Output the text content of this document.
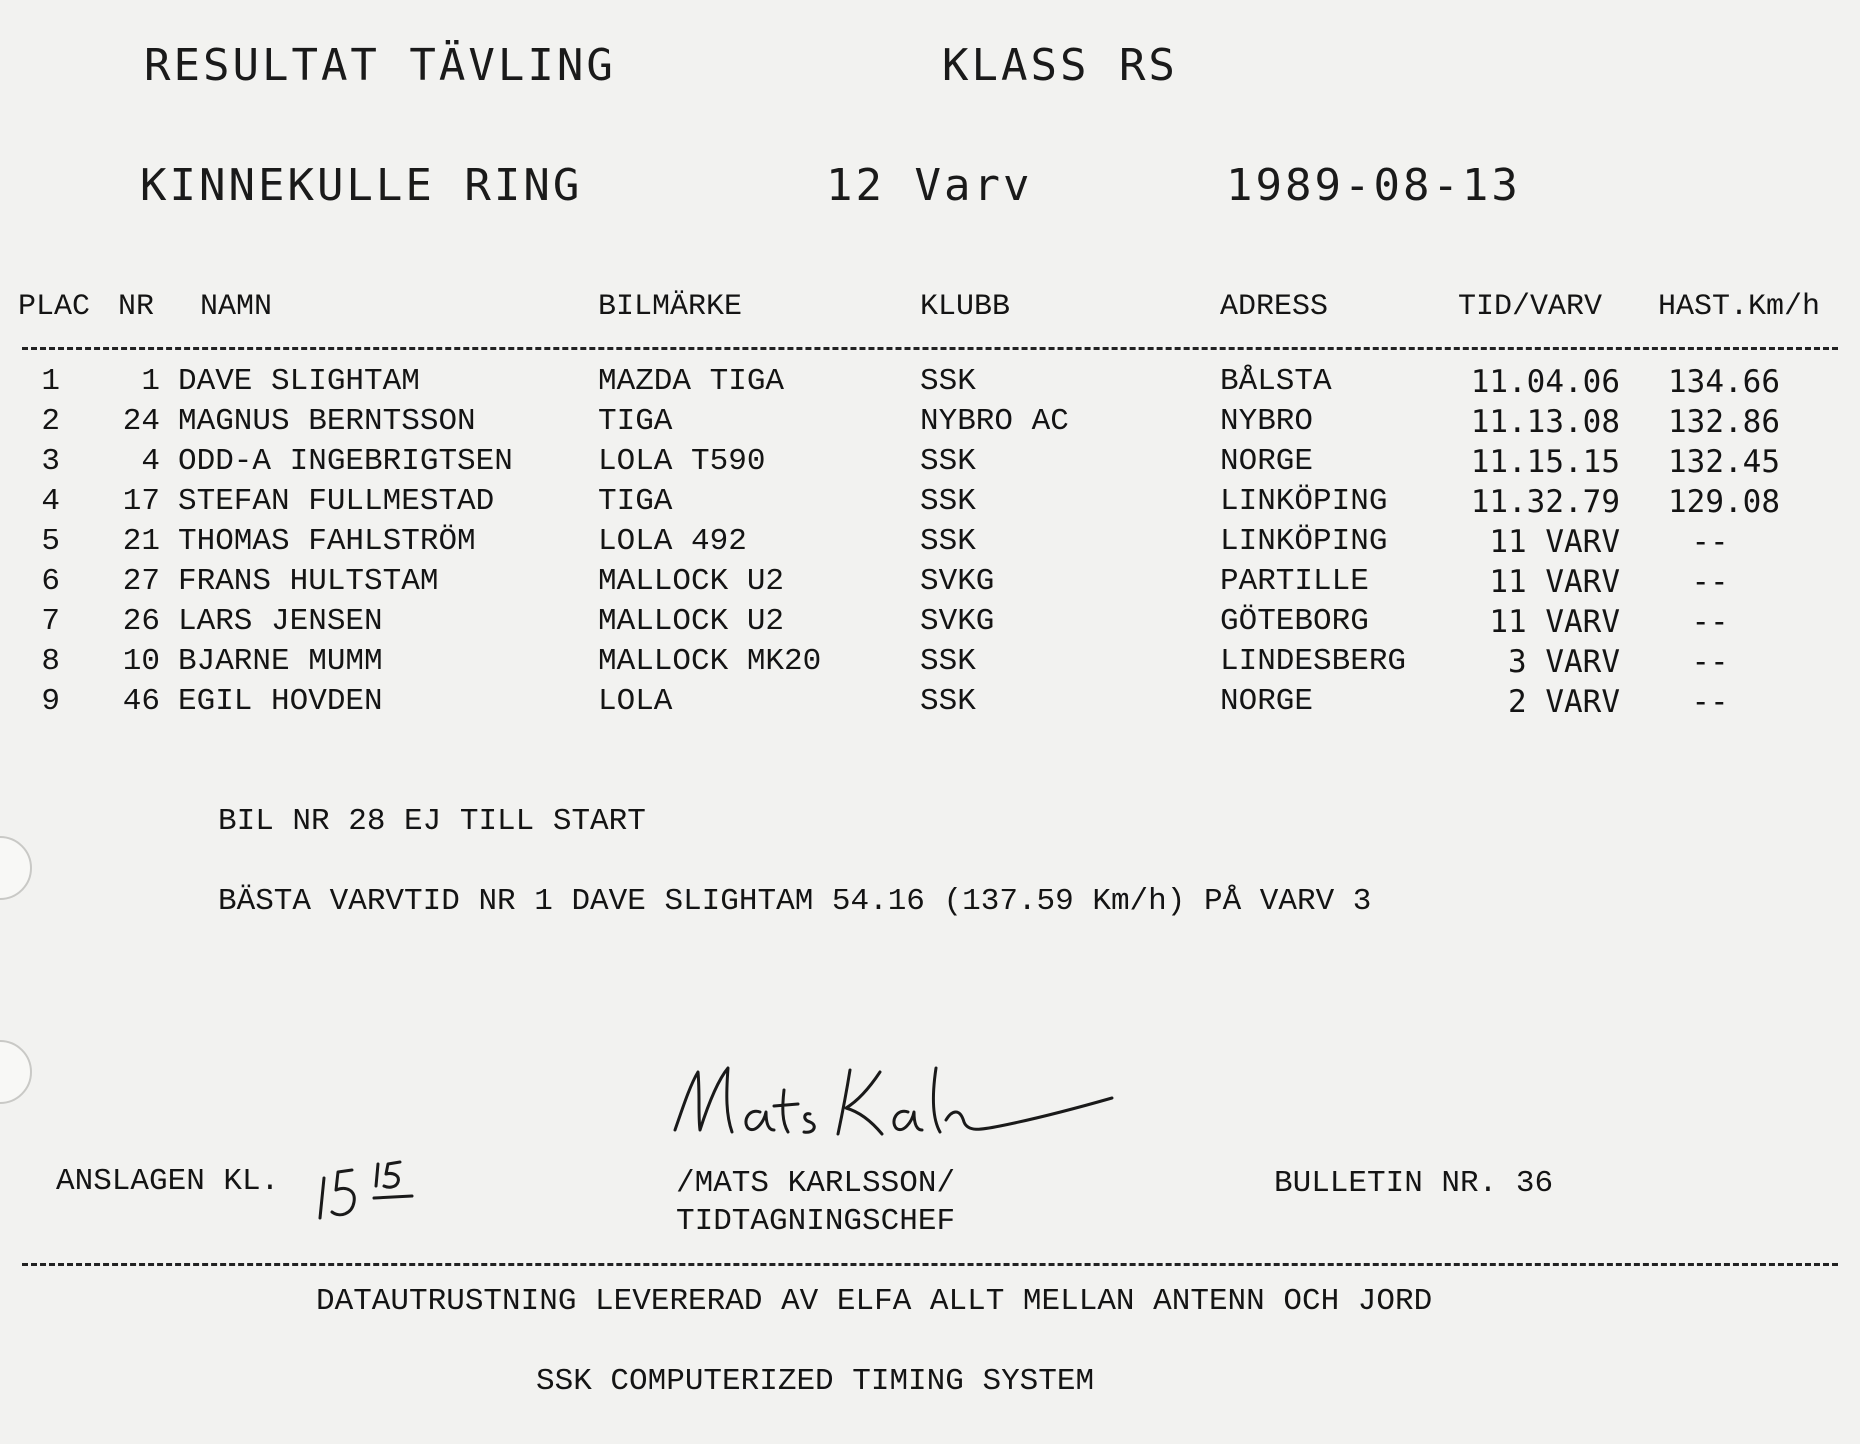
RESULTAT TÄVLING	KLASS RS
KINNEKULLE RING	12 Varv	1989-08-13
PLAC NR NAMN	BILMÄRKE	KLUBB	ADRESS	TID/VARV HAST.Km/h
1	1 DAVE SLIGHTAM	MAZDA TIGA	SSK	BÅLSTA	11.04.06	134.66
2	24 MAGNUS BERNTSSON	TIGA	NYBRO AC	NYBRO	11.13.08	132.86
3	4 ODD-A INGEBRIGTSEN	LOLA T590	SSK	NORGE	11.15.15	132.45
4	17 STEFAN FULLMESTAD	TIGA	SSK	LINKÖPING	11.32.79	129.08
5	21 THOMAS FAHLSTRÖM	LOLA 492	SSK	LINKÖPING	11 VARV	--
6	27 FRANS HULTSTAM	MALLOCK U2	SVKG	PARTILLE	11 VARV	--
7	26 LARS JENSEN	MALLOCK U2	SVKG	GÖTEBORG	11 VARV	--
8	10 BJARNE MUMM	MALLOCK MK20	SSK	LINDESBERG	3 VARV	--
9	46 EGIL HOVDEN	LOLA	SSK	NORGE	2 VARV	--
BIL NR 28 EJ TILL START
BÄSTA VARVTID NR 1 DAVE SLIGHTAM 54.16 (137.59 Km/h) PÅ VARV 3
ANSLAGEN KL.	/MATS KARLSSON/
TIDTAGNINGSCHEF
BULLETIN NR. 36
DATAUTRUSTNING LEVERERAD AV ELFA ALLT MELLAN ANTENN OCH JORD
SSK COMPUTERIZED TIMING SYSTEM
